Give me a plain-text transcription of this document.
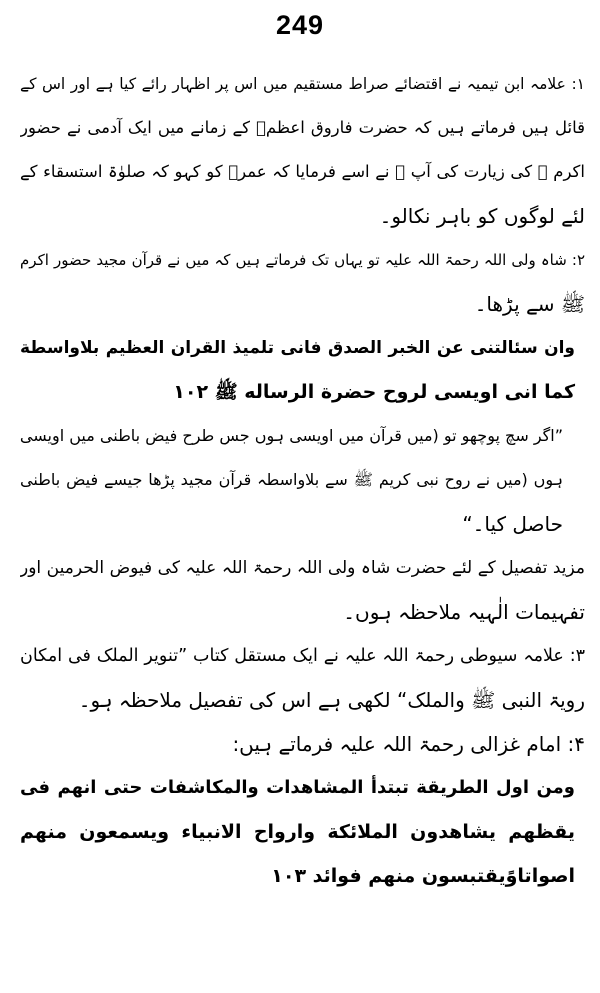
249
۱: علامہ ابن تیمیہ نے اقتضائے صراط مستقیم میں اس پر اظہار رائے کیا ہے اور اس کے
قائل ہیں فرماتے ہیں کہ حضرت فاروق اعظمؓ کے زمانے میں ایک آدمی نے حضور
اکرم ﷺ کی زیارت کی آپ ﷺ نے اسے فرمایا کہ عمرؓ کو کہو کہ صلوٰۃ استسقاء کے
لئے لوگوں کو باہر نکالو۔
۲: شاہ ولی اللہ رحمۃ اللہ علیہ تو یہاں تک فرماتے ہیں کہ میں نے قرآن مجید حضور اکرم
ﷺ سے پڑھا۔
وان سئالتنى عن الخبر الصدق فانى تلميذ القران العظيم بلاواسطة
كما انى اويسى لروح حضرة الرساله ﷺ ١٠٢
”اگر سچ پوچھو تو (میں قرآن میں اویسی ہوں جس طرح فیض باطنی میں اویسی
ہوں (میں نے روح نبی کریم ﷺ سے بلاواسطہ قرآن مجید پڑھا جیسے فیض باطنی
حاصل کیا۔“
مزید تفصیل کے لئے حضرت شاہ ولی اللہ رحمۃ اللہ علیہ کی فیوض الحرمین اور
تفہیمات الٰہیہ ملاحظہ ہوں۔
۳: علامہ سیوطی رحمۃ اللہ علیہ نے ایک مستقل کتاب ”تنویر الملک فی امکان
رویۃ النبی ﷺ والملک“ لکھی ہے اس کی تفصیل ملاحظہ ہو۔
۴: امام غزالی رحمۃ اللہ علیہ فرماتے ہیں:
ومن اول الطريقة تبتدأ المشاهدات والمكاشفات حتى انهم فى
يقظهم يشاهدون الملائكة وارواح الانبياء ويسمعون منهم
اصواتاوًيقتبسون منهم فوائد ١٠٣
